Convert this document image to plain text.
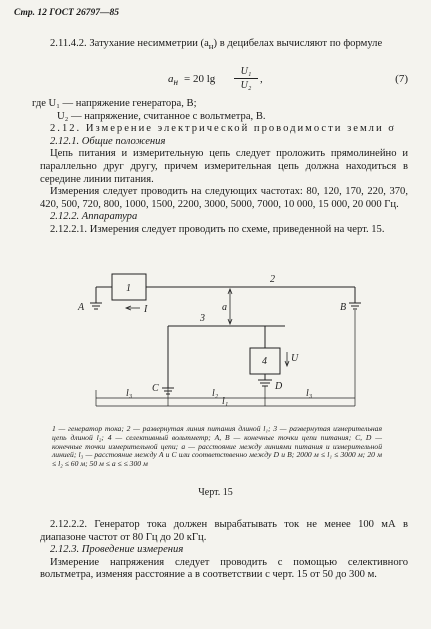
Стр. 12 ГОСТ 26797—85

2.11.4.2. Затухание несимметрии $(a_н)$ в децибелах вычисляют по формуле

$a_н = 20$ $\lg \frac{\text{U₁}}{\text{U₂}}$ ,	(7)

где U₁ — напряжение генератора, В;

U₂ — напряжение, считанное с вольтметра, В.

2.12. Измерение электрической проводимости земли σ

2.12.1. Общие положения

Цепь питания и измерительную цепь следует проложить прямолинейно и параллельно друг другу, причем измерительная цепь должна находиться в середине линии питания.

Измерения следует проводить на следующих частотах: 80, 120, 170, 220, 370, 420, 500, 720, 800, 1000, 1500, 2200, 3000, 5000, 7000, 10 000, 15 000, 20 000 Гц.

2.12.2. Аппаратура

2.12.2.1. Измерения следует проводить по схеме, приведенной на черт. 15.

1
2
3
4
A	B
C	D
I
U
a
l₃	l₂	l₃
l₁
1 — генератор тока; 2 — развернутая линия питания длиной l₁; 3 — развернутая измерительная цепь длиной l₂; 4 — селективный вольтметр; A, B — конечные точки цепи питания; C, D — конечные точки измерительной цепи; a — расстояние между линиями питания и измерительной линией; l₃ — расстояние между A и C или соответственно между D и B; 2000 м ≤ l₁ ≤ 3000 м; 20 м ≤ l₂ ≤ 60 м; 50 м ≤ a ≤ ≤ 300 м
Черт. 15

2.12.2.2. Генератор тока должен вырабатывать ток не менее 100 мА в диапазоне частот от 80 Гц до 20 кГц.

2.12.3. Проведение измерения

Измерение напряжения следует проводить с помощью селективного вольтметра, изменяя расстояние a в соответствии с черт. 15 от 50 до 300 м.
